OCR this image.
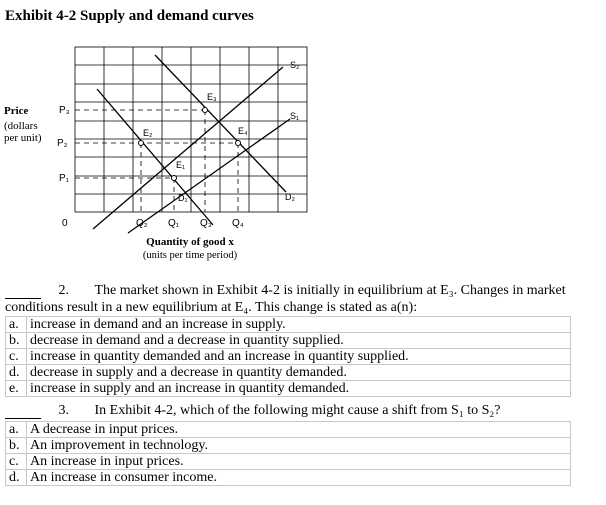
Exhibit 4-2 Supply and demand curves
Price
(dollars
per unit)
S₂
S₁
D₁	D₂
E₁
E₂
E₃
E₄
P₃
P₂
P₁
0	Q₂ Q₁ Q₃ Q₄
Quantity of good x
(units per time period)
2. The market shown in Exhibit 4-2 is initially in equilibrium at E₃. Changes in market
conditions result in a new equilibrium at E₄. This change is stated as a(n):
a.	increase in demand and an increase in supply.
b.	decrease in demand and a decrease in quantity supplied.
c.	increase in quantity demanded and an increase in quantity supplied.
d.	decrease in supply and a decrease in quantity demanded.
e.	increase in supply and an increase in quantity demanded.
3. In Exhibit 4-2, which of the following might cause a shift from S₁ to S₂?
a.	A decrease in input prices.
b.	An improvement in technology.
c.	An increase in input prices.
d.	An increase in consumer income.
